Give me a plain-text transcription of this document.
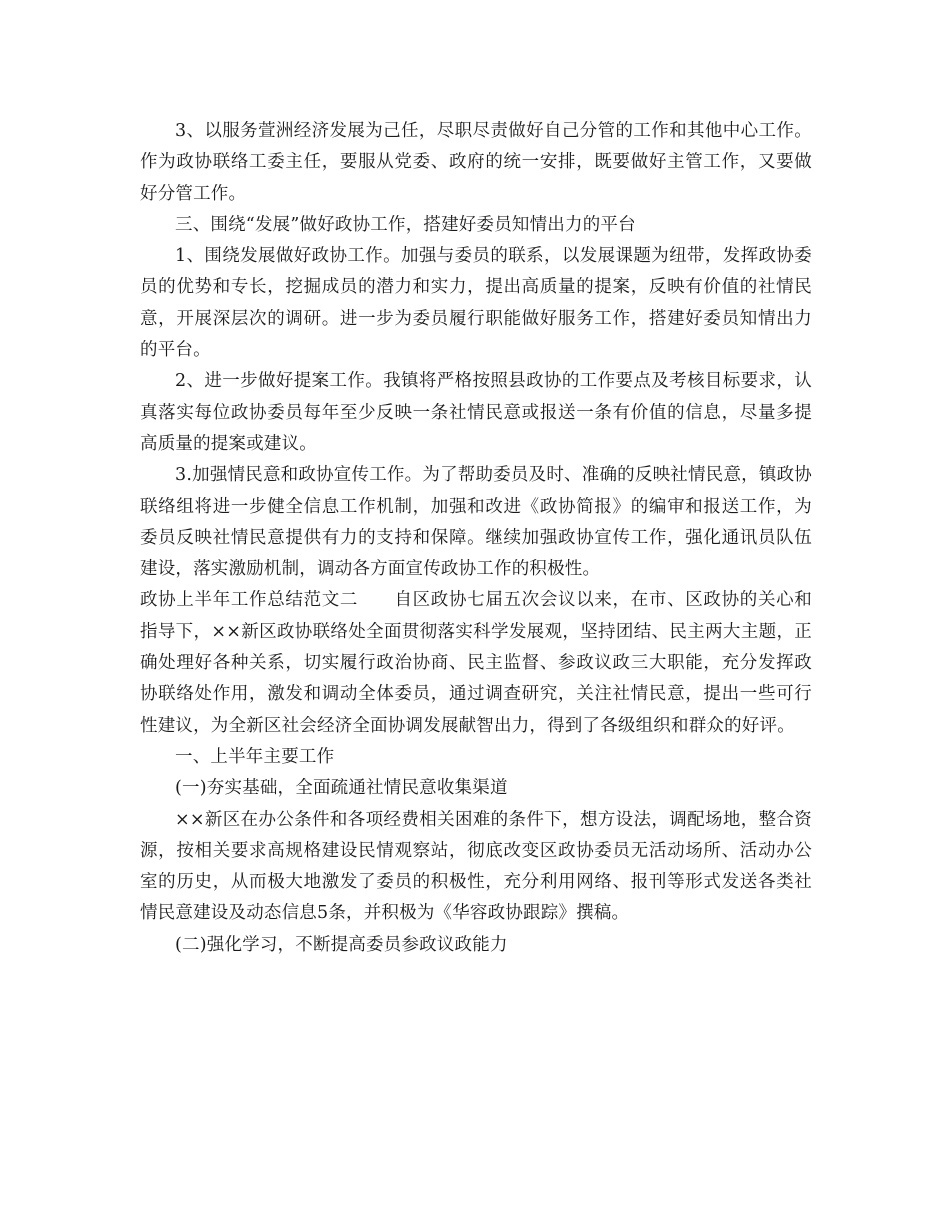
3、以服务萱洲经济发展为己任，尽职尽责做好自己分管的工作和其他中心工作。作为政协联络工委主任，要服从党委、政府的统一安排，既要做好主管工作，又要做好分管工作。

三、围绕“发展”做好政协工作，搭建好委员知情出力的平台

1、围绕发展做好政协工作。加强与委员的联系，以发展课题为纽带，发挥政协委员的优势和专长，挖掘成员的潜力和实力，提出高质量的提案，反映有价值的社情民意，开展深层次的调研。进一步为委员履行职能做好服务工作，搭建好委员知情出力的平台。

2、进一步做好提案工作。我镇将严格按照县政协的工作要点及考核目标要求，认真落实每位政协委员每年至少反映一条社情民意或报送一条有价值的信息，尽量多提高质量的提案或建议。

3.加强情民意和政协宣传工作。为了帮助委员及时、准确的反映社情民意，镇政协联络组将进一步健全信息工作机制，加强和改进《政协简报》的编审和报送工作，为委员反映社情民意提供有力的支持和保障。继续加强政协宣传工作，强化通讯员队伍建设，落实激励机制，调动各方面宣传政协工作的积极性。

政协上半年工作总结范文二　　自区政协七届五次会议以来，在市、区政协的关心和指导下，××新区政协联络处全面贯彻落实科学发展观，坚持团结、民主两大主题，正确处理好各种关系，切实履行政治协商、民主监督、参政议政三大职能，充分发挥政协联络处作用，激发和调动全体委员，通过调查研究，关注社情民意，提出一些可行性建议，为全新区社会经济全面协调发展献智出力，得到了各级组织和群众的好评。

一、上半年主要工作

(一)夯实基础，全面疏通社情民意收集渠道

××新区在办公条件和各项经费相关困难的条件下，想方设法，调配场地，整合资源，按相关要求高规格建设民情观察站，彻底改变区政协委员无活动场所、活动办公室的历史，从而极大地激发了委员的积极性，充分利用网络、报刊等形式发送各类社情民意建设及动态信息5条，并积极为《华容政协跟踪》撰稿。

(二)强化学习，不断提高委员参政议政能力
